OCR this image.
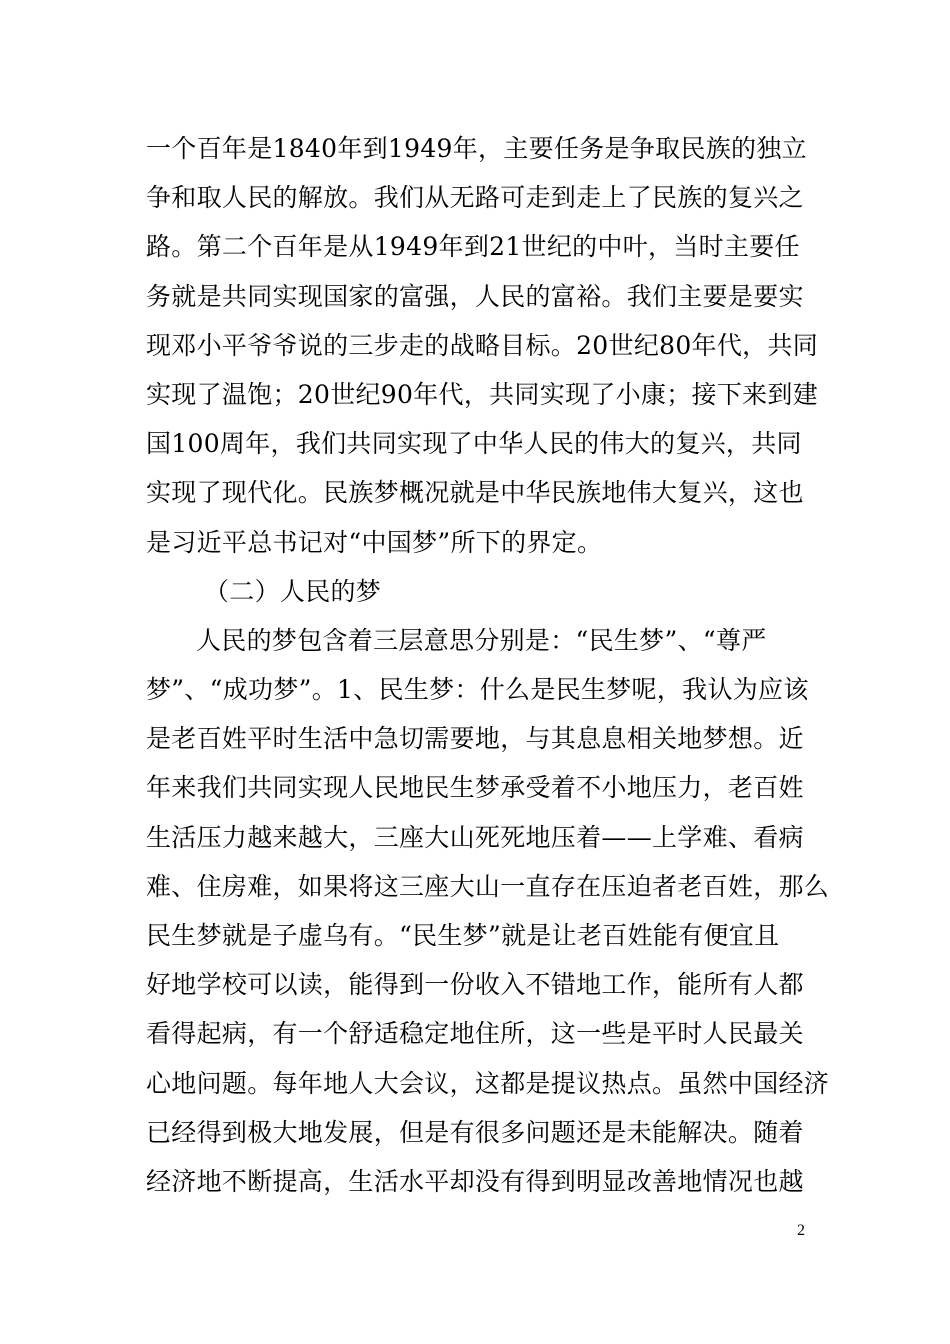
一个百年是1840年到1949年，主要任务是争取民族的独立
争和取人民的解放。我们从无路可走到走上了民族的复兴之
路。第二个百年是从1949年到21世纪的中叶，当时主要任
务就是共同实现国家的富强，人民的富裕。我们主要是要实
现邓小平爷爷说的三步走的战略目标。20世纪80年代，共同
实现了温饱；20世纪90年代，共同实现了小康；接下来到建
国100周年，我们共同实现了中华人民的伟大的复兴，共同
实现了现代化。民族梦概况就是中华民族地伟大复兴，这也
是习近平总书记对“中国梦”所下的界定。
（二）人民的梦
人民的梦包含着三层意思分别是：“民生梦”、“尊严
梦”、“成功梦”。1、民生梦：什么是民生梦呢，我认为应该
是老百姓平时生活中急切需要地，与其息息相关地梦想。近
年来我们共同实现人民地民生梦承受着不小地压力，老百姓
生活压力越来越大，三座大山死死地压着——上学难、看病
难、住房难，如果将这三座大山一直存在压迫者老百姓，那么
民生梦就是子虚乌有。“民生梦”就是让老百姓能有便宜且
好地学校可以读，能得到一份收入不错地工作，能所有人都
看得起病，有一个舒适稳定地住所，这一些是平时人民最关
心地问题。每年地人大会议，这都是提议热点。虽然中国经济
已经得到极大地发展，但是有很多问题还是未能解决。随着
经济地不断提高，生活水平却没有得到明显改善地情况也越
2
